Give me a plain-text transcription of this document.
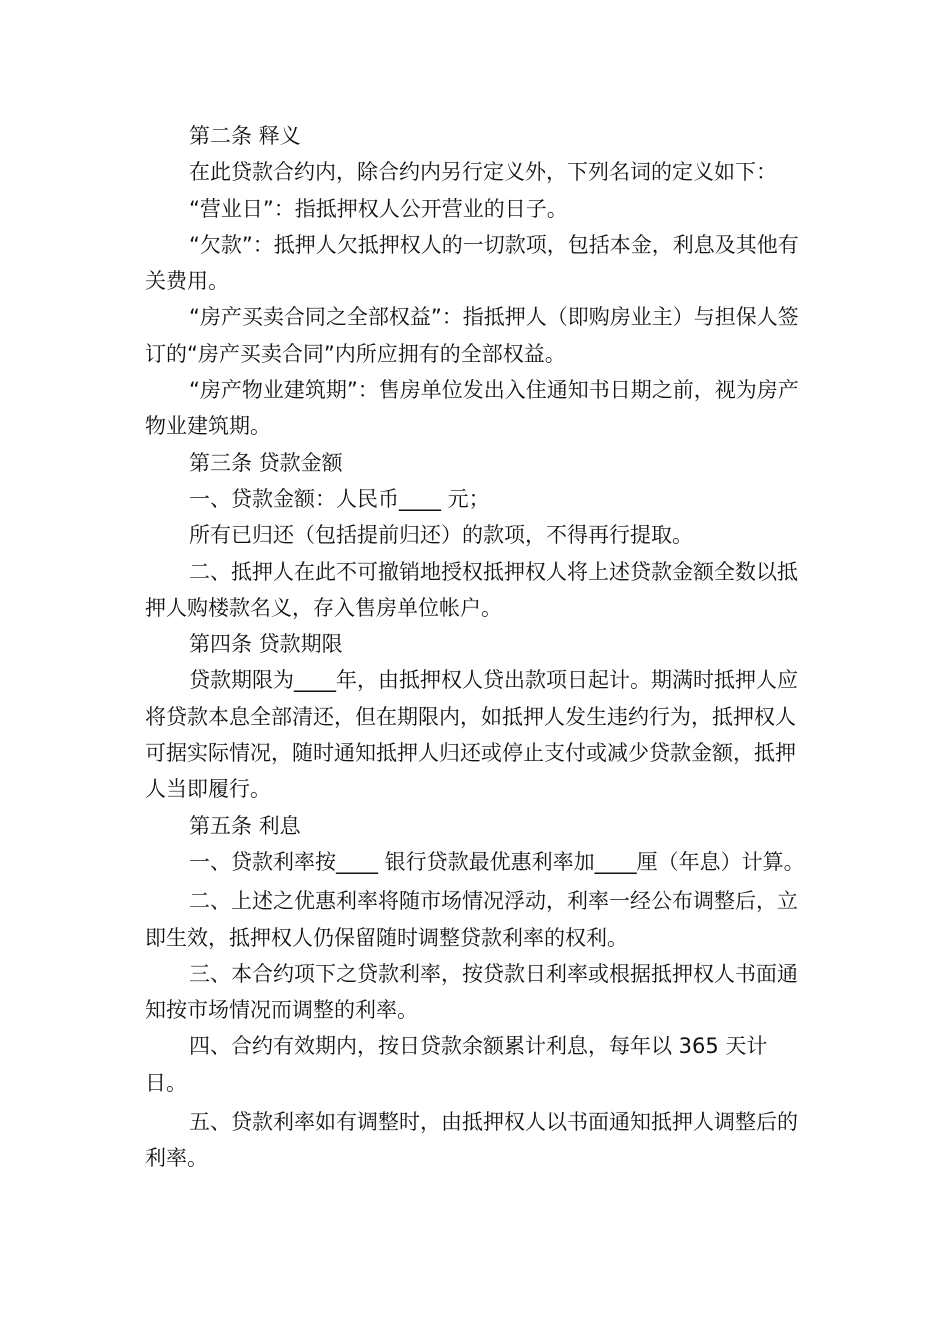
第二条 释义

在此贷款合约内，除合约内另行定义外，下列名词的定义如下：

“营业日”：指抵押权人公开营业的日子。

“欠款”：抵押人欠抵押权人的一切款项，包括本金，利息及其他有关费用。

“房产买卖合同之全部权益”：指抵押人（即购房业主）与担保人签订的“房产买卖合同”内所应拥有的全部权益。

“房产物业建筑期”：售房单位发出入住通知书日期之前，视为房产物业建筑期。

第三条 贷款金额

一、贷款金额：人民币____ 元；

所有已归还（包括提前归还）的款项，不得再行提取。

二、抵押人在此不可撤销地授权抵押权人将上述贷款金额全数以抵押人购楼款名义，存入售房单位帐户。

第四条 贷款期限

贷款期限为____年，由抵押权人贷出款项日起计。期满时抵押人应将贷款本息全部清还，但在期限内，如抵押人发生违约行为，抵押权人可据实际情况，随时通知抵押人归还或停止支付或减少贷款金额，抵押人当即履行。

第五条 利息

一、贷款利率按____ 银行贷款最优惠利率加____厘（年息）计算。

二、上述之优惠利率将随市场情况浮动，利率一经公布调整后，立即生效，抵押权人仍保留随时调整贷款利率的权利。

三、本合约项下之贷款利率，按贷款日利率或根据抵押权人书面通知按市场情况而调整的利率。

四、合约有效期内，按日贷款余额累计利息，每年以 365 天计日。

五、贷款利率如有调整时，由抵押权人以书面通知抵押人调整后的利率。
